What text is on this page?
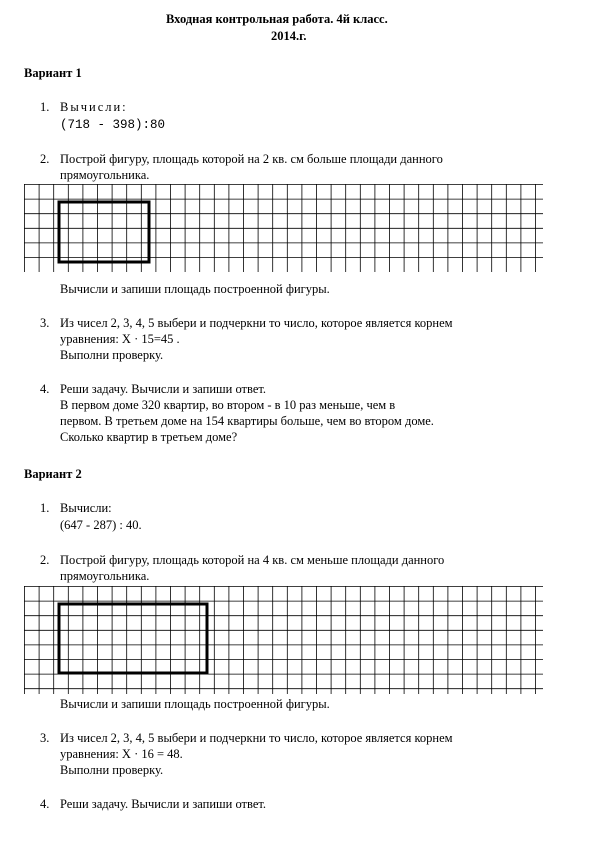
Входная контрольная работа. 4й класс.
2014.г.
Вариант 1
1. Вычисли:
(718 - 398):80
2. Построй фигуру, площадь которой на 2 кв. см больше площади данного
прямоугольника.
Вычисли и запиши площадь построенной фигуры.
3. Из чисел 2, 3, 4, 5 выбери и подчеркни то число, которое является корнем
уравнения: Х · 15=45 .
Выполни проверку.
4. Реши задачу. Вычисли и запиши ответ.
В первом доме 320 квартир, во втором - в 10 раз меньше, чем в
первом. В третьем доме на 154 квартиры больше, чем во втором доме.
Сколько квартир в третьем доме?
Вариант 2
1. Вычисли:
(647 - 287) : 40.
2. Построй фигуру, площадь которой на 4 кв. см меньше площади данного
прямоугольника.
Вычисли и запиши площадь построенной фигуры.
3. Из чисел 2, 3, 4, 5 выбери и подчеркни то число, которое является корнем
уравнения: Х · 16 = 48.
Выполни проверку.
4. Реши задачу. Вычисли и запиши ответ.
